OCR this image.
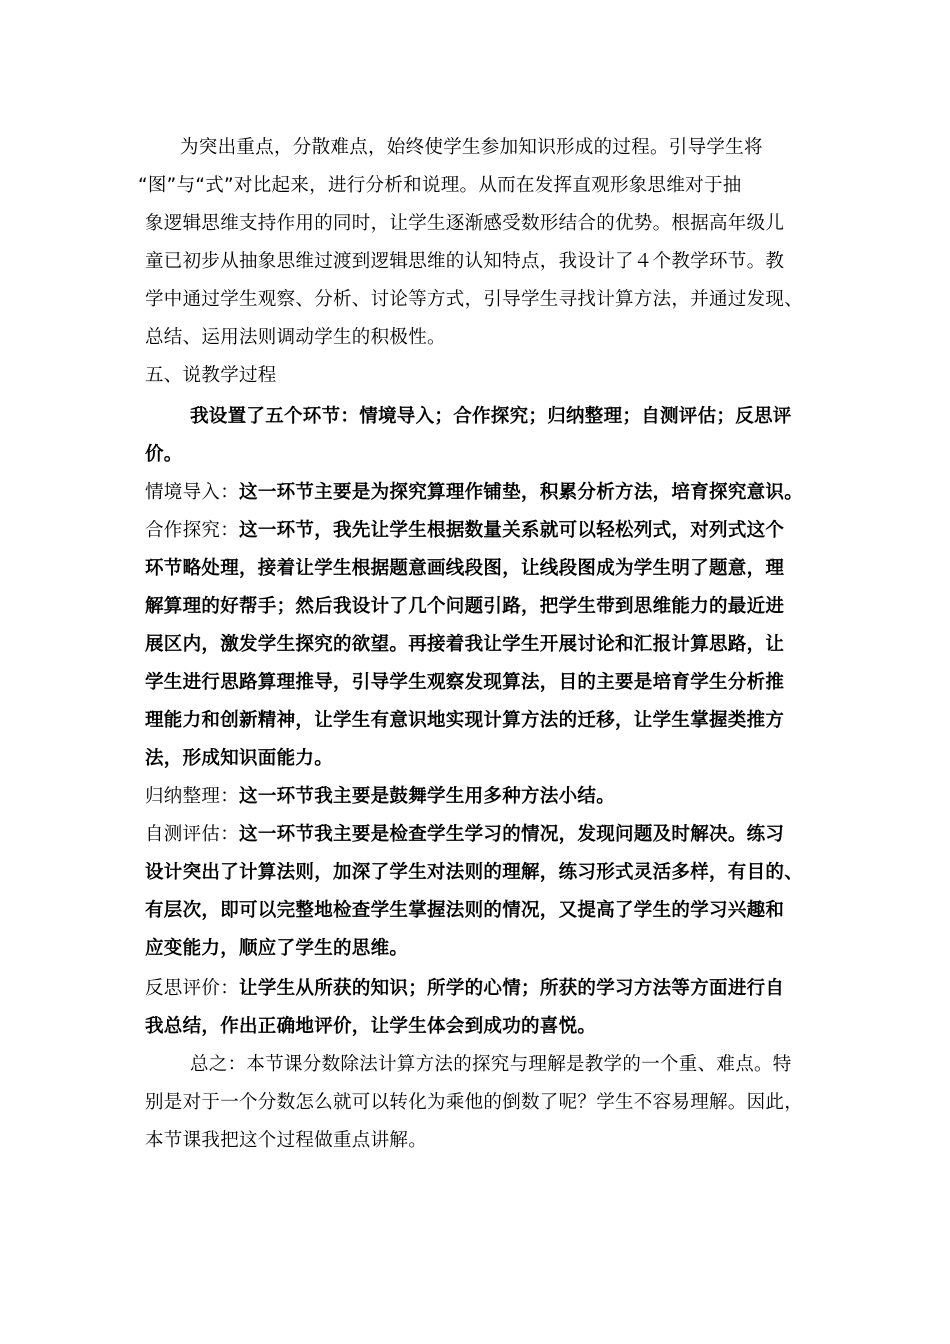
为突出重点，分散难点，始终使学生参加知识形成的过程。引导学生将
“图”与“式”对比起来，进行分析和说理。从而在发挥直观形象思维对于抽
象逻辑思维支持作用的同时，让学生逐渐感受数形结合的优势。根据高年级儿
童已初步从抽象思维过渡到逻辑思维的认知特点，我设计了４个教学环节。教
学中通过学生观察、分析、讨论等方式，引导学生寻找计算方法，并通过发现、
总结、运用法则调动学生的积极性。
五、说教学过程
我设置了五个环节：情境导入；合作探究；归纳整理；自测评估；反思评
价。
情境导入：这一环节主要是为探究算理作铺垫，积累分析方法，培育探究意识。
合作探究：这一环节，我先让学生根据数量关系就可以轻松列式，对列式这个
环节略处理，接着让学生根据题意画线段图，让线段图成为学生明了题意，理
解算理的好帮手；然后我设计了几个问题引路，把学生带到思维能力的最近进
展区内，激发学生探究的欲望。再接着我让学生开展讨论和汇报计算思路，让
学生进行思路算理推导，引导学生观察发现算法，目的主要是培育学生分析推
理能力和创新精神，让学生有意识地实现计算方法的迁移，让学生掌握类推方
法，形成知识面能力。
归纳整理：这一环节我主要是鼓舞学生用多种方法小结。
自测评估：这一环节我主要是检查学生学习的情况，发现问题及时解决。练习
设计突出了计算法则，加深了学生对法则的理解，练习形式灵活多样，有目的、
有层次，即可以完整地检查学生掌握法则的情况，又提高了学生的学习兴趣和
应变能力，顺应了学生的思维。
反思评价：让学生从所获的知识；所学的心情；所获的学习方法等方面进行自
我总结，作出正确地评价，让学生体会到成功的喜悦。
总之：本节课分数除法计算方法的探究与理解是教学的一个重、难点。特
别是对于一个分数怎么就可以转化为乘他的倒数了呢？学生不容易理解。因此，
本节课我把这个过程做重点讲解。
